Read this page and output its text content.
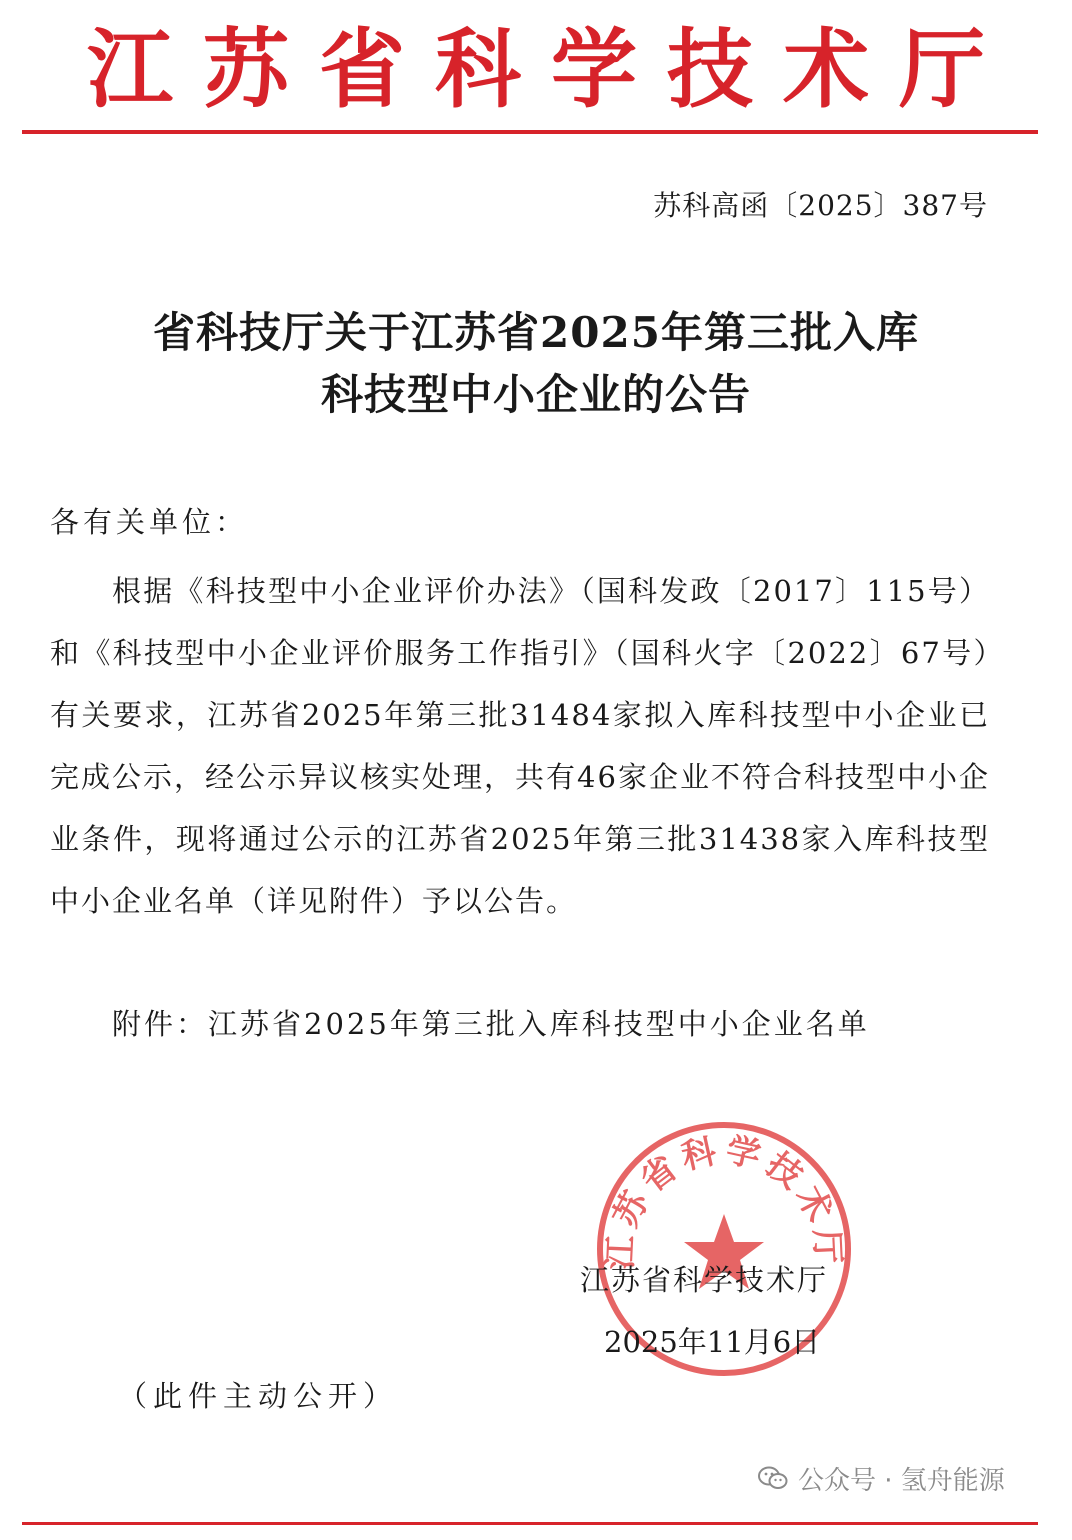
江苏省科学技术厅
苏科高函〔2025〕387号
省科技厅关于江苏省2025年第三批入库
科技型中小企业的公告
各有关单位：
根据《科技型中小企业评价办法》（国科发政〔2017〕115号）和《科技型中小企业评价服务工作指引》（国科火字〔2022〕67号）有关要求，江苏省2025年第三批31484家拟入库科技型中小企业已完成公示，经公示异议核实处理，共有46家企业不符合科技型中小企业条件，现将通过公示的江苏省2025年第三批31438家入库科技型中小企业名单（详见附件）予以公告。
附件：江苏省2025年第三批入库科技型中小企业名单
江苏省科学技术厅
江苏省科学技术厅
2025年11月6日
（此件主动公开）
公众号 · 氢舟能源
